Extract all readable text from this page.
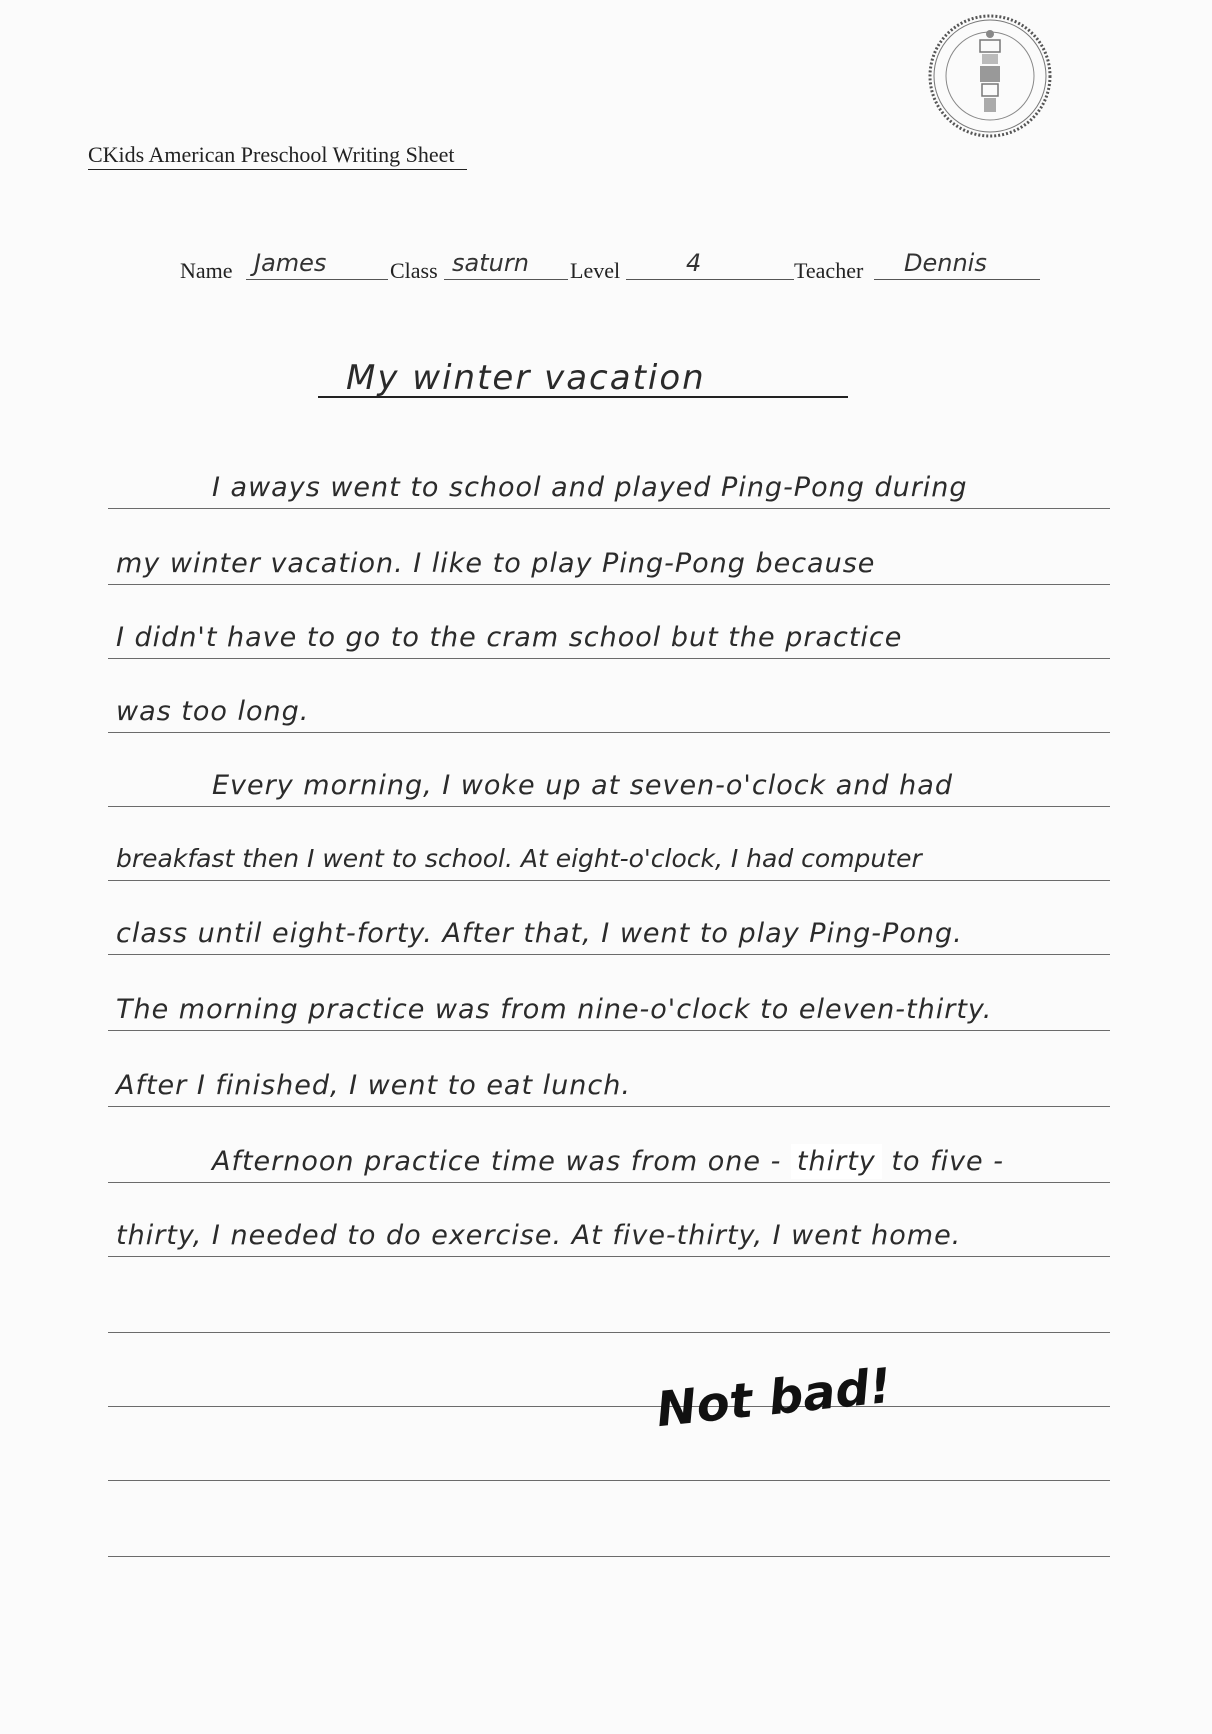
CKids American Preschool Writing Sheet
Name James	Class saturn	Level	4	Teacher	Dennis
My winter vacation
I aways went to school and played Ping-Pong during
my winter vacation. I like to play Ping-Pong because
I didn't have to go to the cram school but the practice
was too long.
Every morning, I woke up at seven-o'clock and had
breakfast then I went to school. At eight-o'clock, I had computer
class until eight-forty. After that, I went to play Ping-Pong.
The morning practice was from nine-o'clock to eleven-thirty.
After I finished, I went to eat lunch.
Afternoon practice time was from one - thirty to five -
thirty, I needed to do exercise. At five-thirty, I went home.
Not bad!
